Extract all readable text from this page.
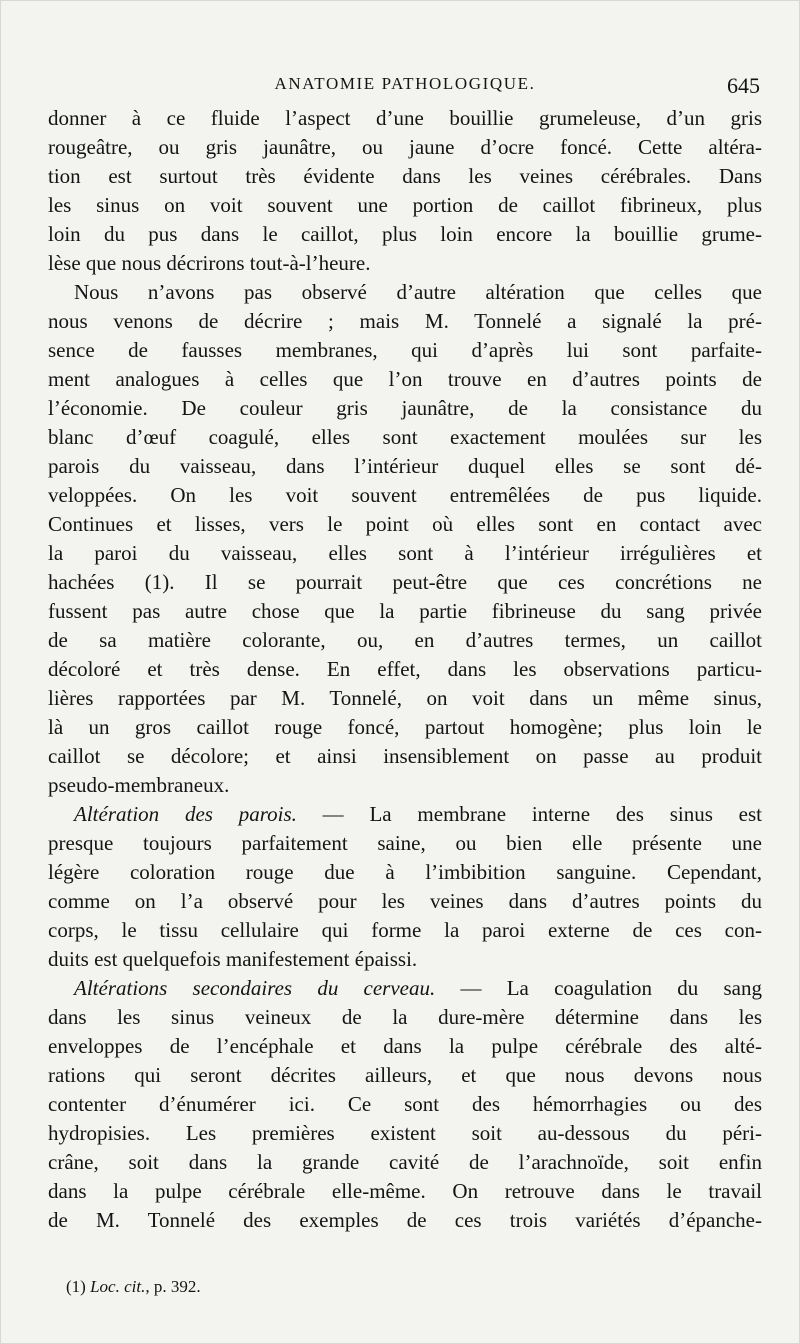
ANATOMIE PATHOLOGIQUE.	645
donner à ce fluide l’aspect d’une bouillie grumeleuse, d’un gris
rougeâtre, ou gris jaunâtre, ou jaune d’ocre foncé. Cette altéra-
tion est surtout très évidente dans les veines cérébrales. Dans
les sinus on voit souvent une portion de caillot fibrineux, plus
loin du pus dans le caillot, plus loin encore la bouillie grume-
lèse que nous décrirons tout-à-l’heure.
Nous n’avons pas observé d’autre altération que celles que
nous venons de décrire ; mais M. Tonnelé a signalé la pré-
sence de fausses membranes, qui d’après lui sont parfaite-
ment analogues à celles que l’on trouve en d’autres points de
l’économie. De couleur gris jaunâtre, de la consistance du
blanc d’œuf coagulé, elles sont exactement moulées sur les
parois du vaisseau, dans l’intérieur duquel elles se sont dé-
veloppées. On les voit souvent entremêlées de pus liquide.
Continues et lisses, vers le point où elles sont en contact avec
la paroi du vaisseau, elles sont à l’intérieur irrégulières et
hachées (1). Il se pourrait peut-être que ces concrétions ne
fussent pas autre chose que la partie fibrineuse du sang privée
de sa matière colorante, ou, en d’autres termes, un caillot
décoloré et très dense. En effet, dans les observations particu-
lières rapportées par M. Tonnelé, on voit dans un même sinus,
là un gros caillot rouge foncé, partout homogène; plus loin le
caillot se décolore; et ainsi insensiblement on passe au produit
pseudo-membraneux.
Altération des parois. — La membrane interne des sinus est
presque toujours parfaitement saine, ou bien elle présente une
légère coloration rouge due à l’imbibition sanguine. Cependant,
comme on l’a observé pour les veines dans d’autres points du
corps, le tissu cellulaire qui forme la paroi externe de ces con-
duits est quelquefois manifestement épaissi.
Altérations secondaires du cerveau. — La coagulation du sang
dans les sinus veineux de la dure-mère détermine dans les
enveloppes de l’encéphale et dans la pulpe cérébrale des alté-
rations qui seront décrites ailleurs, et que nous devons nous
contenter d’énumérer ici. Ce sont des hémorrhagies ou des
hydropisies. Les premières existent soit au-dessous du péri-
crâne, soit dans la grande cavité de l’arachnoïde, soit enfin
dans la pulpe cérébrale elle-même. On retrouve dans le travail
de M. Tonnelé des exemples de ces trois variétés d’épanche-
(1) Loc. cit., p. 392.
